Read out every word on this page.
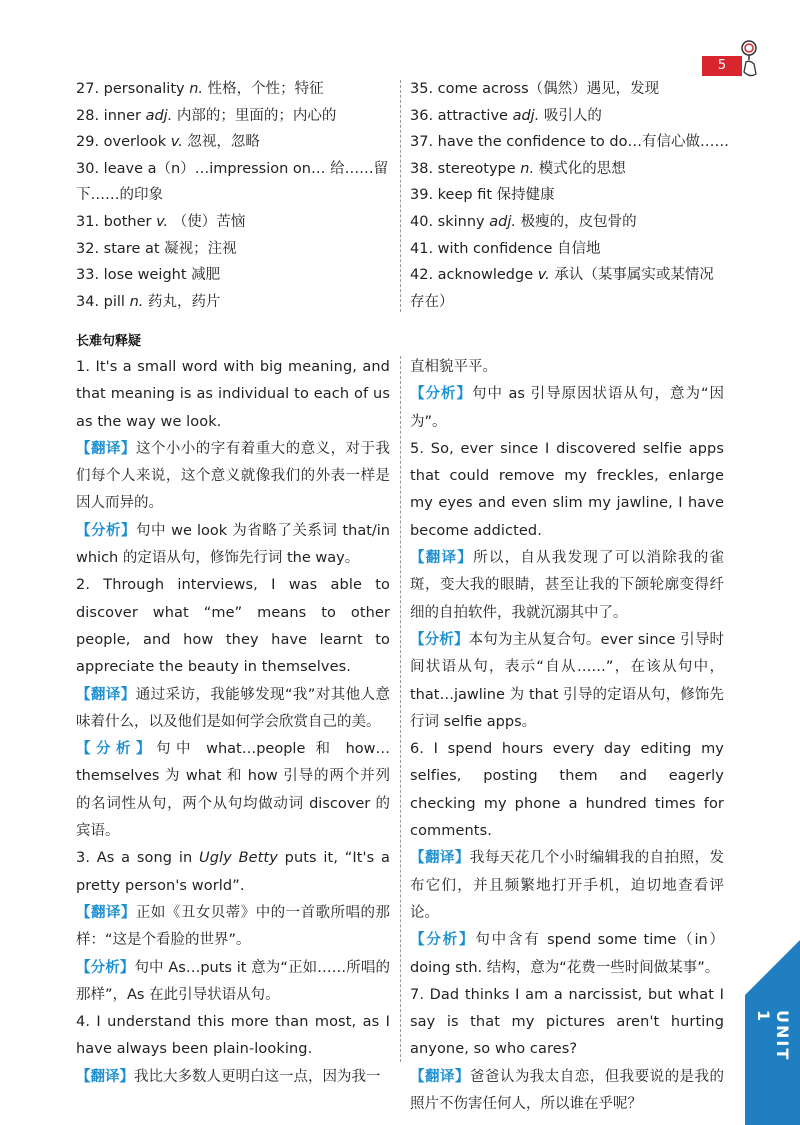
5
27. personality n. 性格，个性；特征
28. inner adj. 内部的；里面的；内心的
29. overlook v. 忽视，忽略
30. leave a（n）…impression on… 给……留下……的印象
31. bother v. （使）苦恼
32. stare at 凝视；注视
33. lose weight 减肥
34. pill n. 药丸，药片
35. come across（偶然）遇见，发现
36. attractive adj. 吸引人的
37. have the confidence to do…有信心做……
38. stereotype n. 模式化的思想
39. keep fit 保持健康
40. skinny adj. 极瘦的，皮包骨的
41. with confidence 自信地
42. acknowledge v. 承认（某事属实或某情况存在）
长难句释疑

1. It's a small word with big meaning, and that meaning is as individual to each of us as the way we look.

【翻译】这个小小的字有着重大的意义，对于我们每个人来说，这个意义就像我们的外表一样是因人而异的。

【分析】句中 we look 为省略了关系词 that/in which 的定语从句，修饰先行词 the way。

2. Through interviews, I was able to discover what “me” means to other people, and how they have learnt to appreciate the beauty in themselves.

【翻译】通过采访，我能够发现“我”对其他人意味着什么，以及他们是如何学会欣赏自己的美。

【分析】句中 what…people 和 how…themselves 为 what 和 how 引导的两个并列的名词性从句，两个从句均做动词 discover 的宾语。

3. As a song in Ugly Betty puts it, “It's a pretty person's world”.

【翻译】正如《丑女贝蒂》中的一首歌所唱的那样：“这是个看脸的世界”。

【分析】句中 As…puts it 意为“正如……所唱的那样”，As 在此引导状语从句。

4. I understand this more than most, as I have always been plain-looking.

【翻译】我比大多数人更明白这一点，因为我一

直相貌平平。

【分析】句中 as 引导原因状语从句，意为“因为”。

5. So, ever since I discovered selfie apps that could remove my freckles, enlarge my eyes and even slim my jawline, I have become addicted.

【翻译】所以，自从我发现了可以消除我的雀斑，变大我的眼睛，甚至让我的下颌轮廓变得纤细的自拍软件，我就沉溺其中了。

【分析】本句为主从复合句。ever since 引导时间状语从句，表示“自从……”，在该从句中，that…jawline 为 that 引导的定语从句，修饰先行词 selfie apps。

6. I spend hours every day editing my selfies, posting them and eagerly checking my phone a hundred times for comments.

【翻译】我每天花几个小时编辑我的自拍照，发布它们，并且频繁地打开手机，迫切地查看评论。

【分析】句中含有 spend some time（in）doing sth. 结构，意为“花费一些时间做某事”。

7. Dad thinks I am a narcissist, but what I say is that my pictures aren't hurting anyone, so who cares?

【翻译】爸爸认为我太自恋，但我要说的是我的照片不伤害任何人，所以谁在乎呢？

UNIT 1
